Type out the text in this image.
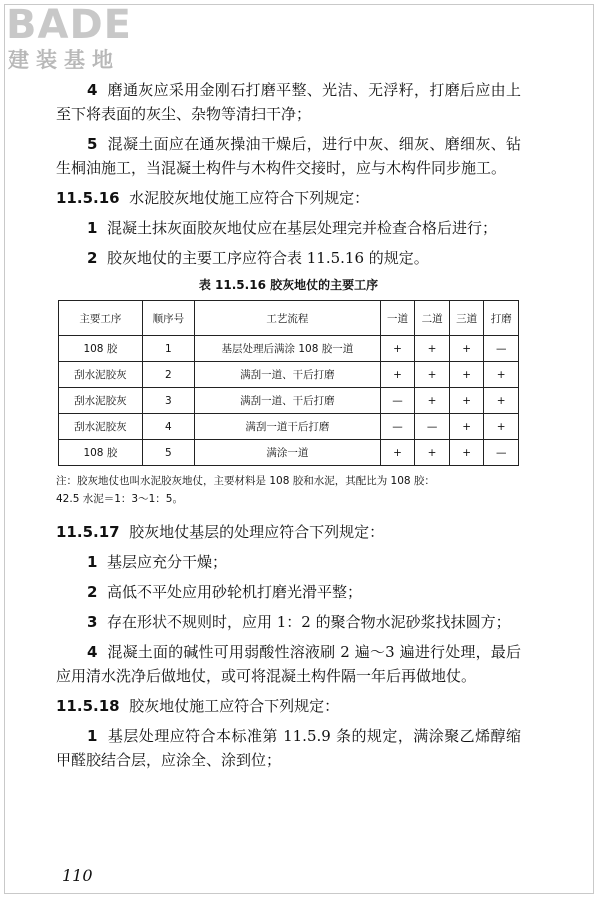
BADE
建装基地

4 磨通灰应采用金刚石打磨平整、光洁、无浮籽，打磨后应由上至下将表面的灰尘、杂物等清扫干净；

5 混凝土面应在通灰操油干燥后，进行中灰、细灰、磨细灰、钻生桐油施工，当混凝土构件与木构件交接时，应与木构件同步施工。

11.5.16 水泥胶灰地仗施工应符合下列规定：

1 混凝土抹灰面胶灰地仗应在基层处理完并检查合格后进行；

2 胶灰地仗的主要工序应符合表 11.5.16 的规定。

表 11.5.16 胶灰地仗的主要工序
主要工序	顺序号	工艺流程	一道	二道	三道	打磨
108 胶	1	基层处理后满涂 108 胶一道	+	+	+	—
刮水泥胶灰	2	满刮一道、干后打磨	+	+	+	+
刮水泥胶灰	3	满刮一道、干后打磨	—	+	+	+
刮水泥胶灰	4	满刮一道干后打磨	—	—	+	+
108 胶	5	满涂一道	+	+	+	—
注：胶灰地仗也叫水泥胶灰地仗，主要材料是 108 胶和水泥，其配比为 108 胶：
42.5 水泥＝1：3～1：5。

11.5.17 胶灰地仗基层的处理应符合下列规定：

1 基层应充分干燥；

2 高低不平处应用砂轮机打磨光滑平整；

3 存在形状不规则时，应用 1：2 的聚合物水泥砂浆找抹圆方；

4 混凝土面的碱性可用弱酸性溶液刷 2 遍～3 遍进行处理，最后应用清水洗净后做地仗，或可将混凝土构件隔一年后再做地仗。

11.5.18 胶灰地仗施工应符合下列规定：

1 基层处理应符合本标准第 11.5.9 条的规定，满涂聚乙烯醇缩甲醛胶结合层，应涂全、涂到位；

110
